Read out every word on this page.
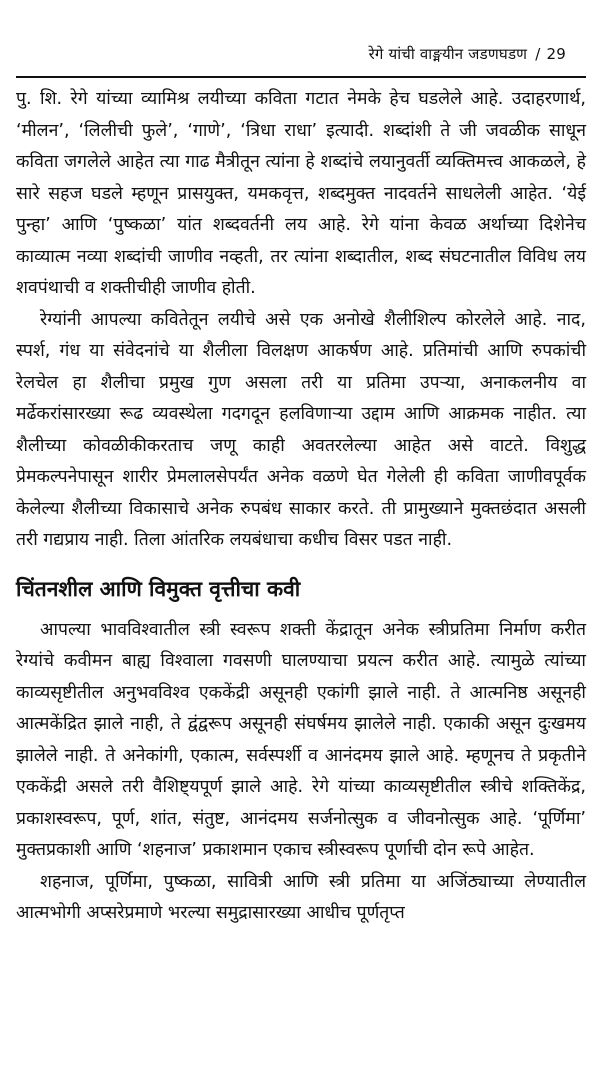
रेगे यांची वाङ्मयीन जडणघडण / 29

पु. शि. रेगे यांच्या व्यामिश्र लयीच्या कविता गटात नेमके हेच घडलेले आहे. उदाहरणार्थ, ‘मीलन’, ‘लिलीची फुले’, ‘गाणे’, ‘त्रिधा राधा’ इत्यादी. शब्दांशी ते जी जवळीक साधून कविता जगलेले आहेत त्या गाढ मैत्रीतून त्यांना हे शब्दांचे लयानुवर्ती व्यक्तिमत्त्व आकळले, हे सारे सहज घडले म्हणून प्रासयुक्त, यमकवृत्त, शब्दमुक्त नादवर्तने साधलेली आहेत. ‘येई पुन्हा’ आणि ‘पुष्कळा’ यांत शब्दवर्तनी लय आहे. रेगे यांना केवळ अर्थाच्या दिशेनेच काव्यात्म नव्या शब्दांची जाणीव नव्हती, तर त्यांना शब्दातील, शब्द संघटनातील विविध लय शवपंथाची व शक्तीचीही जाणीव होती.

रेग्यांनी आपल्या कवितेतून लयीचे असे एक अनोखे शैलीशिल्प कोरलेले आहे. नाद, स्पर्श, गंध या संवेदनांचे या शैलीला विलक्षण आकर्षण आहे. प्रतिमांची आणि रुपकांची रेलचेल हा शैलीचा प्रमुख गुण असला तरी या प्रतिमा उपऱ्या, अनाकलनीय वा मर्ढेकरांसारख्या रूढ व्यवस्थेला गदगदून हलविणाऱ्या उद्दाम आणि आक्रमक नाहीत. त्या शैलीच्या कोवळीकीकरताच जणू काही अवतरलेल्या आहेत असे वाटते. विशुद्ध प्रेमकल्पनेपासून शारीर प्रेमलालसेपर्यंत अनेक वळणे घेत गेलेली ही कविता जाणीवपूर्वक केलेल्या शैलीच्या विकासाचे अनेक रुपबंध साकार करते. ती प्रामुख्याने मुक्तछंदात असली तरी गद्यप्राय नाही. तिला आंतरिक लयबंधाचा कधीच विसर पडत नाही.

चिंतनशील आणि विमुक्त वृत्तीचा कवी

आपल्या भावविश्वातील स्त्री स्वरूप शक्ती केंद्रातून अनेक स्त्रीप्रतिमा निर्माण करीत रेग्यांचे कवीमन बाह्य विश्वाला गवसणी घालण्याचा प्रयत्न करीत आहे. त्यामुळे त्यांच्या काव्यसृष्टीतील अनुभवविश्व एककेंद्री असूनही एकांगी झाले नाही. ते आत्मनिष्ठ असूनही आत्मकेंद्रित झाले नाही, ते द्वंद्वरूप असूनही संघर्षमय झालेले नाही. एकाकी असून दुःखमय झालेले नाही. ते अनेकांगी, एकात्म, सर्वस्पर्शी व आनंदमय झाले आहे. म्हणूनच ते प्रकृतीने एककेंद्री असले तरी वैशिष्ट्यपूर्ण झाले आहे. रेगे यांच्या काव्यसृष्टीतील स्त्रीचे शक्तिकेंद्र, प्रकाशस्वरूप, पूर्ण, शांत, संतुष्ट, आनंदमय सर्जनोत्सुक व जीवनोत्सुक आहे. ‘पूर्णिमा’ मुक्तप्रकाशी आणि ‘शहनाज’ प्रकाशमान एकाच स्त्रीस्वरूप पूर्णाची दोन रूपे आहेत.

शहनाज, पूर्णिमा, पुष्कळा, सावित्री आणि स्त्री प्रतिमा या अजिंठ्याच्या लेण्यातील आत्मभोगी अप्सरेप्रमाणे भरल्या समुद्रासारख्या आधीच पूर्णतृप्त
